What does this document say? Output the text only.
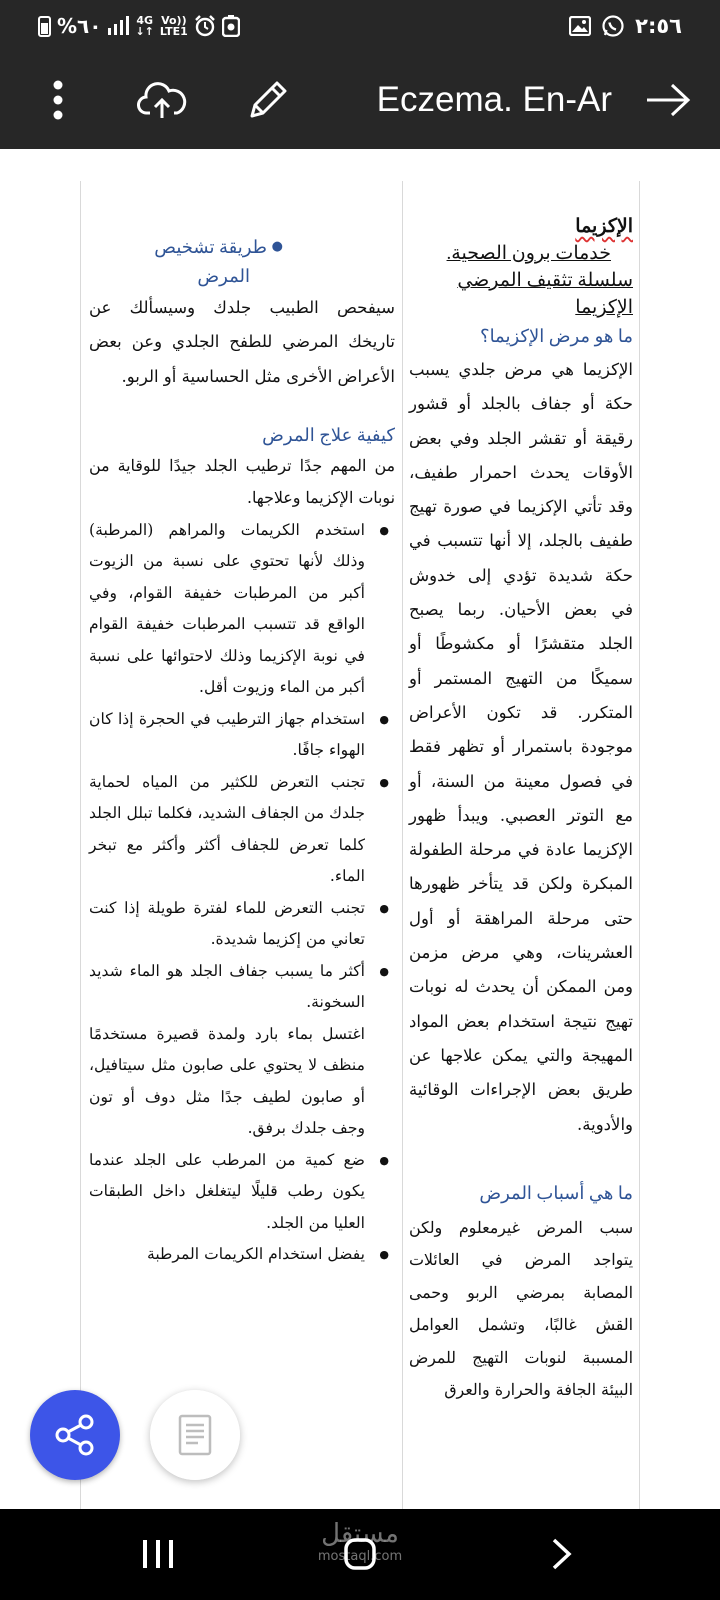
%٦٠	4G
↓↑
Vo))
LTE1	٢:٥٦
Eczema. En-Ar
الإكزيما
خدمات برون الصحية.
سلسلة تثقيف المرضي
الإكزيما
ما هو مرض الإكزيما؟
الإكزيما هي مرض جلدي يسبب حكة أو جفاف بالجلد أو قشور رقيقة أو تقشر الجلد وفي بعض الأوقات يحدث احمرار طفيف، وقد تأتي الإكزيما في صورة تهيج طفيف بالجلد، إلا أنها تتسبب في حكة شديدة تؤدي إلى خدوش في بعض الأحيان. ربما يصبح الجلد متقشرًا أو مكشوطًا أو سميكًا من التهيج المستمر أو المتكرر. قد تكون الأعراض موجودة باستمرار أو تظهر فقط في فصول معينة من السنة، أو مع التوتر العصبي. ويبدأ ظهور الإكزيما عادة في مرحلة الطفولة المبكرة ولكن قد يتأخر ظهورها حتى مرحلة المراهقة أو أول العشرينات، وهي مرض مزمن ومن الممكن أن يحدث له نوبات تهيج نتيجة استخدام بعض المواد المهيجة والتي يمكن علاجها عن طريق بعض الإجراءات الوقائية والأدوية.
ما هي أسباب المرض
سبب المرض غيرمعلوم ولكن يتواجد المرض في العائلات المصابة بمرضي الربو وحمى القش غالبًا، وتشمل العوامل المسببة لنوبات التهيج للمرض البيئة الجافة والحرارة والعرق
●
طريقة تشخيص
المرض
سيفحص الطبيب جلدك وسيسألك عن تاريخك المرضي للطفح الجلدي وعن بعض الأعراض الأخرى مثل الحساسية أو الربو.
كيفية علاج المرض
من المهم جدًا ترطيب الجلد جيدًا للوقاية من نوبات الإكزيما وعلاجها.
● استخدم الكريمات والمراهم (المرطبة) وذلك لأنها تحتوي على نسبة من الزيوت أكبر من المرطبات خفيفة القوام، وفي الواقع قد تتسبب المرطبات خفيفة القوام في نوبة الإكزيما وذلك لاحتوائها على نسبة أكبر من الماء وزيوت أقل.
● استخدام جهاز الترطيب في الحجرة إذا كان الهواء جافًا.
● تجنب التعرض للكثير من المياه لحماية جلدك من الجفاف الشديد، فكلما تبلل الجلد كلما تعرض للجفاف أكثر وأكثر مع تبخر الماء.
● تجنب التعرض للماء لفترة طويلة إذا كنت تعاني من إكزيما شديدة.
● أكثر ما يسبب جفاف الجلد هو الماء شديد السخونة.
اغتسل بماء بارد ولمدة قصيرة مستخدمًا منظف لا يحتوي على صابون مثل سيتافيل، أو صابون لطيف جدًا مثل دوف أو تون وجف جلدك برفق.
● ضع كمية من المرطب على الجلد عندما يكون رطب قليلًا ليتغلغل داخل الطبقات العليا من الجلد.
● يفضل استخدام الكريمات المرطبة
مستقل
mostaql.com
